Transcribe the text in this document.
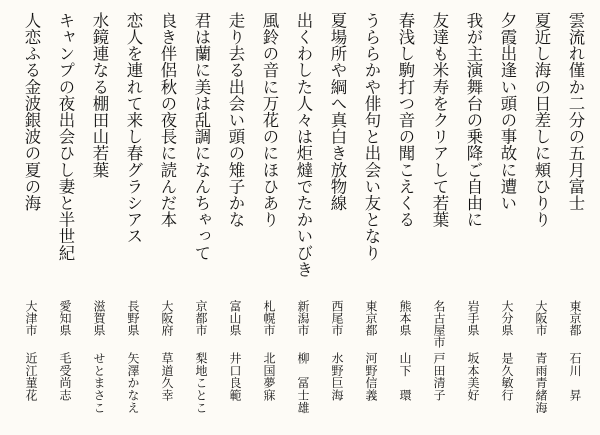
雲流れ僅か二分の五月富士
東京都
石川　昇
夏近し海の日差しに頬ひりり
大阪市
青雨青緒海
夕霞出逢い頭の事故に遭い
大分県
是久敏行
我が主演舞台の乗降ご自由に
岩手県
坂本美好
友達も米寿をクリアして若葉
名古屋市
戸田清子
春浅し駒打つ音の聞こえくる
熊本県
山下　環
うららかや俳句と出会い友となり
東京都
河野信義
夏場所や綱へ真白き放物線
西尾市
水野巨海
出くわした人々は炬燵でたかいびき
新潟市
柳　冨士雄
風鈴の音に万花のにほひあり
札幌市
北国夢寐
走り去る出会い頭の雉子かな
富山県
井口良範
君は蘭に美は乱調になんちゃって
京都市
梨地ことこ
良き伴侶秋の夜長に読んだ本
大阪府
草道久幸
恋人を連れて来し春グラシアス
長野県
矢澤かなえ
水鏡連なる棚田山若葉
滋賀県
せとまさこ
キャンプの夜出会ひし妻と半世紀
愛知県
毛受尚志
人恋ふる金波銀波の夏の海
大津市
近江菫花
